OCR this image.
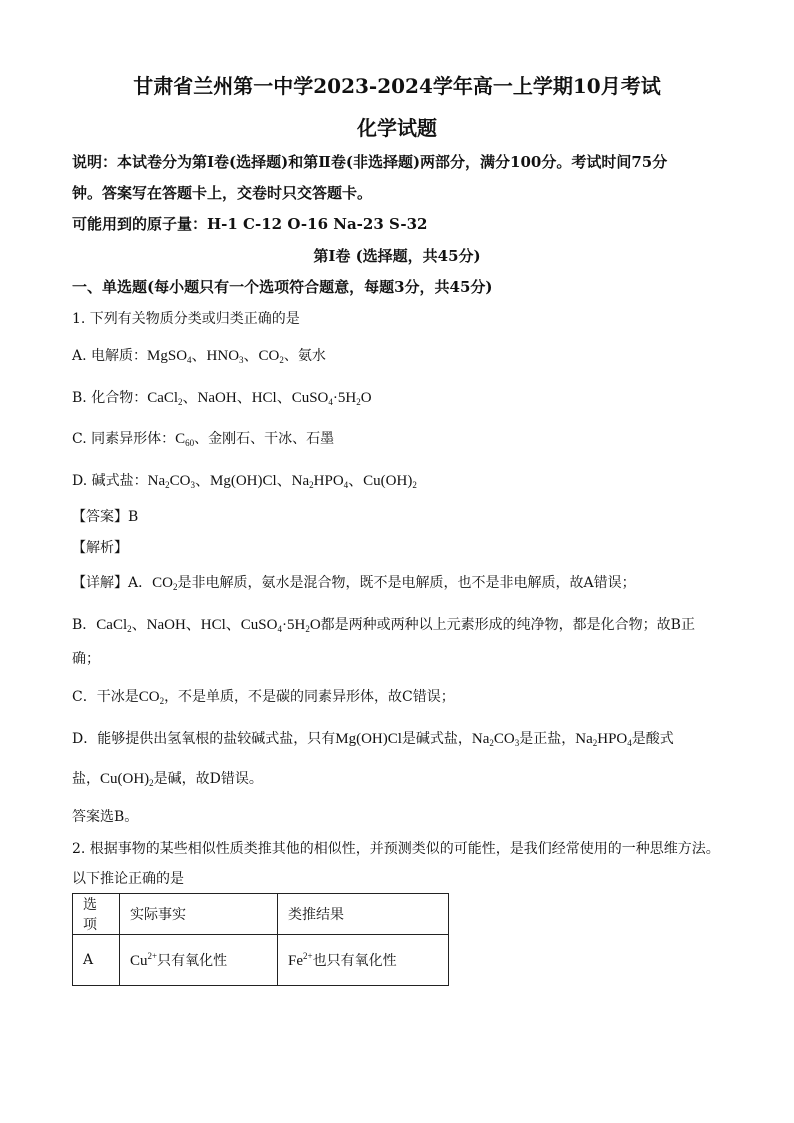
甘肃省兰州第一中学2023-2024学年高一上学期10月考试
化学试题
说明：本试卷分为第Ⅰ卷(选择题)和第Ⅱ卷(非选择题)两部分，满分100分。考试时间75分
钟。答案写在答题卡上，交卷时只交答题卡。
可能用到的原子量：H-1 C-12 O-16 Na-23 S-32
第Ⅰ卷 (选择题，共45分)
一、单选题(每小题只有一个选项符合题意，每题3分，共45分)
1. 下列有关物质分类或归类正确的是
A. 电解质：MgSO$_4$、$HNO_3$、$CO_2$、氨水
B. 化合物：CaCl$_2$、NaOH、HCl、$CuSO_4\cdot 5H_2O$
C. 同素异形体：$C_{60}$、金刚石、干冰、石墨
D. 碱式盐：$Na_2CO_3$、Mg(OH)Cl、$Na_2HPO_4$、$Cu(OH)_2$
【答案】B
【解析】
【详解】A．$CO_2$是非电解质，氨水是混合物，既不是电解质，也不是非电解质，故A错误；
B．CaCl$_2$、NaOH、HCl、$CuSO_4\cdot 5H_2O$都是两种或两种以上元素形成的纯净物，都是化合物；故B正
确；
C．干冰是$CO_2$，不是单质，不是碳的同素异形体，故C错误；
D．能够提供出氢氧根的盐较碱式盐，只有Mg(OH)Cl是碱式盐，$Na_2CO_3$是正盐，$Na_2HPO_4$是酸式
盐，$Cu(OH)_2$是碱，故D错误。
答案选B。
2. 根据事物的某些相似性质类推其他的相似性，并预测类似的可能性，是我们经常使用的一种思维方法。
以下推论正确的是
选项	实际事实	类推结果
A	$Cu^{2+}$只有氧化性	$Fe^{2+}$也只有氧化性
